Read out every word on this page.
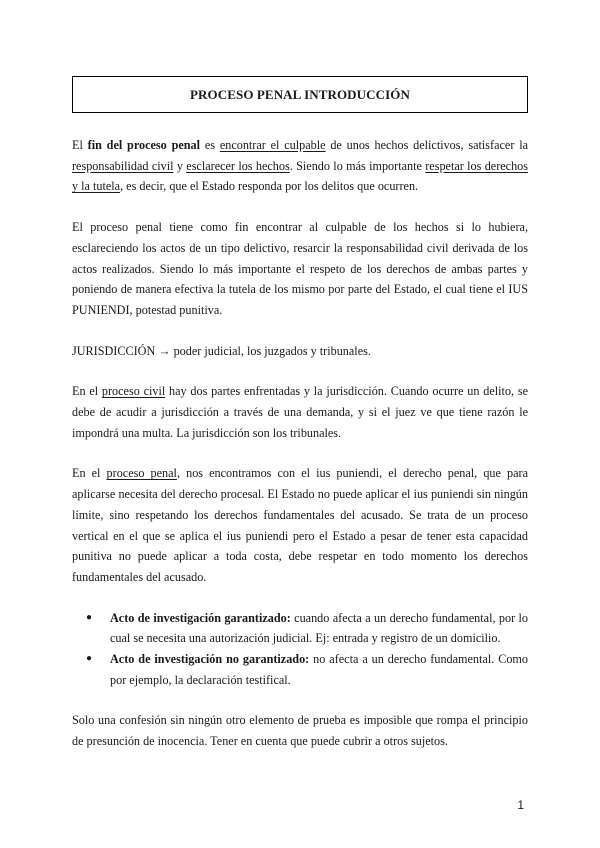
PROCESO PENAL INTRODUCCIÓN

El fin del proceso penal es encontrar el culpable de unos hechos delictivos, satisfacer la responsabilidad civil y esclarecer los hechos. Siendo lo más importante respetar los derechos y la tutela, es decir, que el Estado responda por los delitos que ocurren.

El proceso penal tiene como fin encontrar al culpable de los hechos si lo hubiera, esclareciendo los actos de un tipo delictivo, resarcir la responsabilidad civil derivada de los actos realizados. Siendo lo más importante el respeto de los derechos de ambas partes y poniendo de manera efectiva la tutela de los mismo por parte del Estado, el cual tiene el IUS PUNIENDI, potestad punitiva.

JURISDICCIÓN → poder judicial, los juzgados y tribunales.

En el proceso civil hay dos partes enfrentadas y la jurisdicción. Cuando ocurre un delito, se debe de acudir a jurisdicción a través de una demanda, y si el juez ve que tiene razón le impondrá una multa. La jurisdicción son los tribunales.

En el proceso penal, nos encontramos con el ius puniendi, el derecho penal, que para aplicarse necesita del derecho procesal. El Estado no puede aplicar el ius puniendi sin ningún límite, sino respetando los derechos fundamentales del acusado. Se trata de un proceso vertical en el que se aplica el ius puniendi pero el Estado a pesar de tener esta capacidad punitiva no puede aplicar a toda costa, debe respetar en todo momento los derechos fundamentales del acusado.

● Acto de investigación garantizado: cuando afecta a un derecho fundamental, por lo cual se necesita una autorización judicial. Ej: entrada y registro de un domicilio.
● Acto de investigación no garantizado: no afecta a un derecho fundamental. Como por ejemplo, la declaración testifical.

Solo una confesión sin ningún otro elemento de prueba es imposible que rompa el principio de presunción de inocencia. Tener en cuenta que puede cubrir a otros sujetos.

1
